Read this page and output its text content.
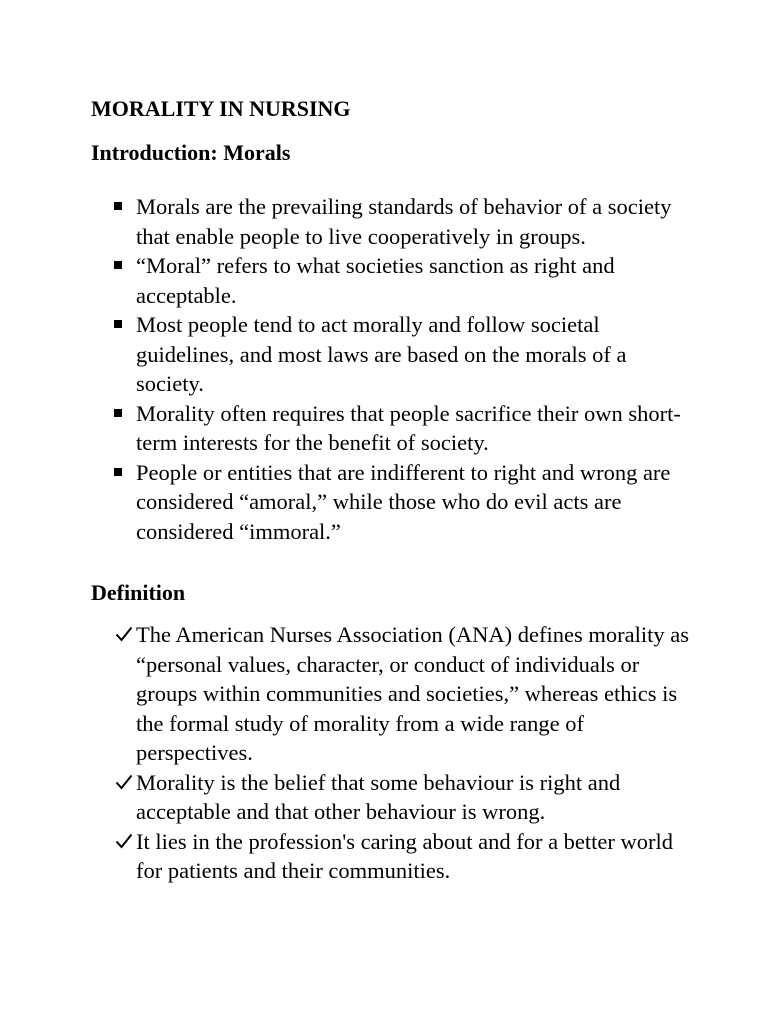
MORALITY IN NURSING
Introduction: Morals
Morals are the prevailing standards of behavior of a society that enable people to live cooperatively in groups.
“Moral” refers to what societies sanction as right and acceptable.
Most people tend to act morally and follow societal guidelines, and most laws are based on the morals of a society.
Morality often requires that people sacrifice their own short-term interests for the benefit of society.
People or entities that are indifferent to right and wrong are considered “amoral,” while those who do evil acts are considered “immoral.”
Definition
The American Nurses Association (ANA) defines morality as “personal values, character, or conduct of individuals or groups within communities and societies,” whereas ethics is the formal study of morality from a wide range of perspectives.
Morality is the belief that some behaviour is right and acceptable and that other behaviour is wrong.
It lies in the profession's caring about and for a better world for patients and their communities.
